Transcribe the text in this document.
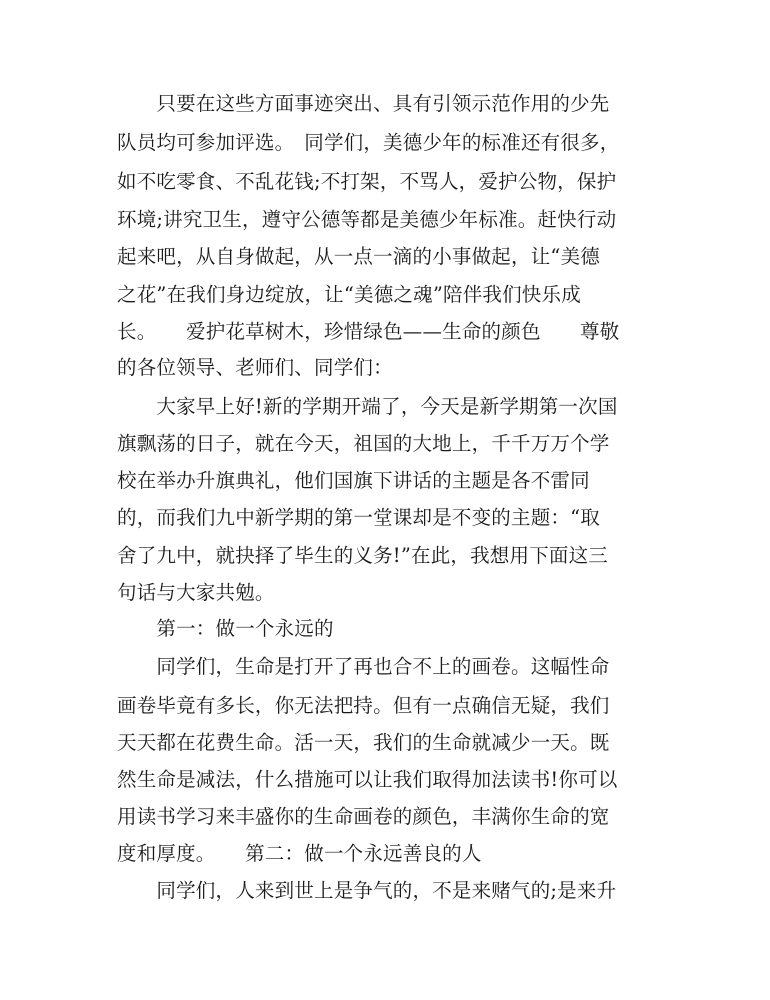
　　只要在这些方面事迹突出、具有引领示范作用的少先
队员均可参加评选。　同学们，美德少年的标准还有很多，
如不吃零食、不乱花钱;不打架，不骂人，爱护公物，保护
环境;讲究卫生，遵守公德等都是美德少年标准。赶快行动
起来吧，从自身做起，从一点一滴的小事做起，让“美德
之花”在我们身边绽放，让“美德之魂”陪伴我们快乐成
长。　　爱护花草树木，珍惜绿色——生命的颜色　　尊敬
的各位领导、老师们、同学们：
　　大家早上好!新的学期开端了，今天是新学期第一次国
旗飘荡的日子，就在今天，祖国的大地上，千千万万个学
校在举办升旗典礼，他们国旗下讲话的主题是各不雷同
的，而我们九中新学期的第一堂课却是不变的主题：“取
舍了九中，就抉择了毕生的义务!”在此，我想用下面这三
句话与大家共勉。
　　第一：做一个永远的
　　同学们，生命是打开了再也合不上的画卷。这幅性命
画卷毕竟有多长，你无法把持。但有一点确信无疑，我们
天天都在花费生命。活一天，我们的生命就减少一天。既
然生命是减法，什么措施可以让我们取得加法读书!你可以
用读书学习来丰盛你的生命画卷的颜色，丰满你生命的宽
度和厚度。　　第二：做一个永远善良的人
　　同学们，人来到世上是争气的，不是来赌气的;是来升
